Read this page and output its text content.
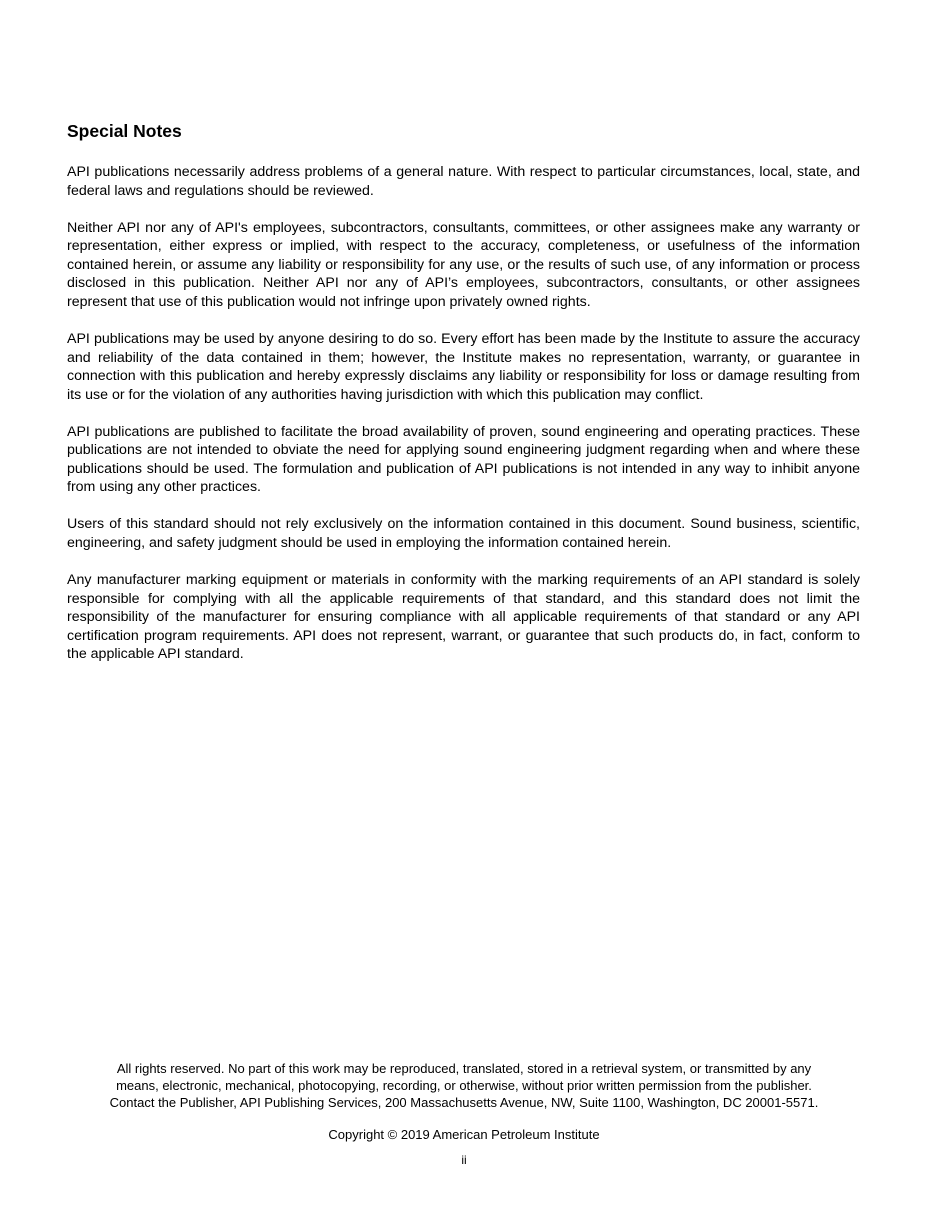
Special Notes

API publications necessarily address problems of a general nature. With respect to particular circumstances, local, state, and federal laws and regulations should be reviewed.

Neither API nor any of API's employees, subcontractors, consultants, committees, or other assignees make any warranty or representation, either express or implied, with respect to the accuracy, completeness, or usefulness of the information contained herein, or assume any liability or responsibility for any use, or the results of such use, of any information or process disclosed in this publication. Neither API nor any of API’s employees, subcontractors, consultants, or other assignees represent that use of this publication would not infringe upon privately owned rights.

API publications may be used by anyone desiring to do so. Every effort has been made by the Institute to assure the accuracy and reliability of the data contained in them; however, the Institute makes no representation, warranty, or guarantee in connection with this publication and hereby expressly disclaims any liability or responsibility for loss or damage resulting from its use or for the violation of any authorities having jurisdiction with which this publication may conflict.

API publications are published to facilitate the broad availability of proven, sound engineering and operating practices. These publications are not intended to obviate the need for applying sound engineering judgment regarding when and where these publications should be used. The formulation and publication of API publications is not intended in any way to inhibit anyone from using any other practices.

Users of this standard should not rely exclusively on the information contained in this document. Sound business, scientific, engineering, and safety judgment should be used in employing the information contained herein.

Any manufacturer marking equipment or materials in conformity with the marking requirements of an API standard is solely responsible for complying with all the applicable requirements of that standard, and this standard does not limit the responsibility of the manufacturer for ensuring compliance with all applicable requirements of that standard or any API certification program requirements. API does not represent, warrant, or guarantee that such products do, in fact, conform to the applicable API standard.

All rights reserved. No part of this work may be reproduced, translated, stored in a retrieval system, or transmitted by any
means, electronic, mechanical, photocopying, recording, or otherwise, without prior written permission from the publisher.
Contact the Publisher, API Publishing Services, 200 Massachusetts Avenue, NW, Suite 1100, Washington, DC 20001-5571.
Copyright © 2019 American Petroleum Institute
ii
